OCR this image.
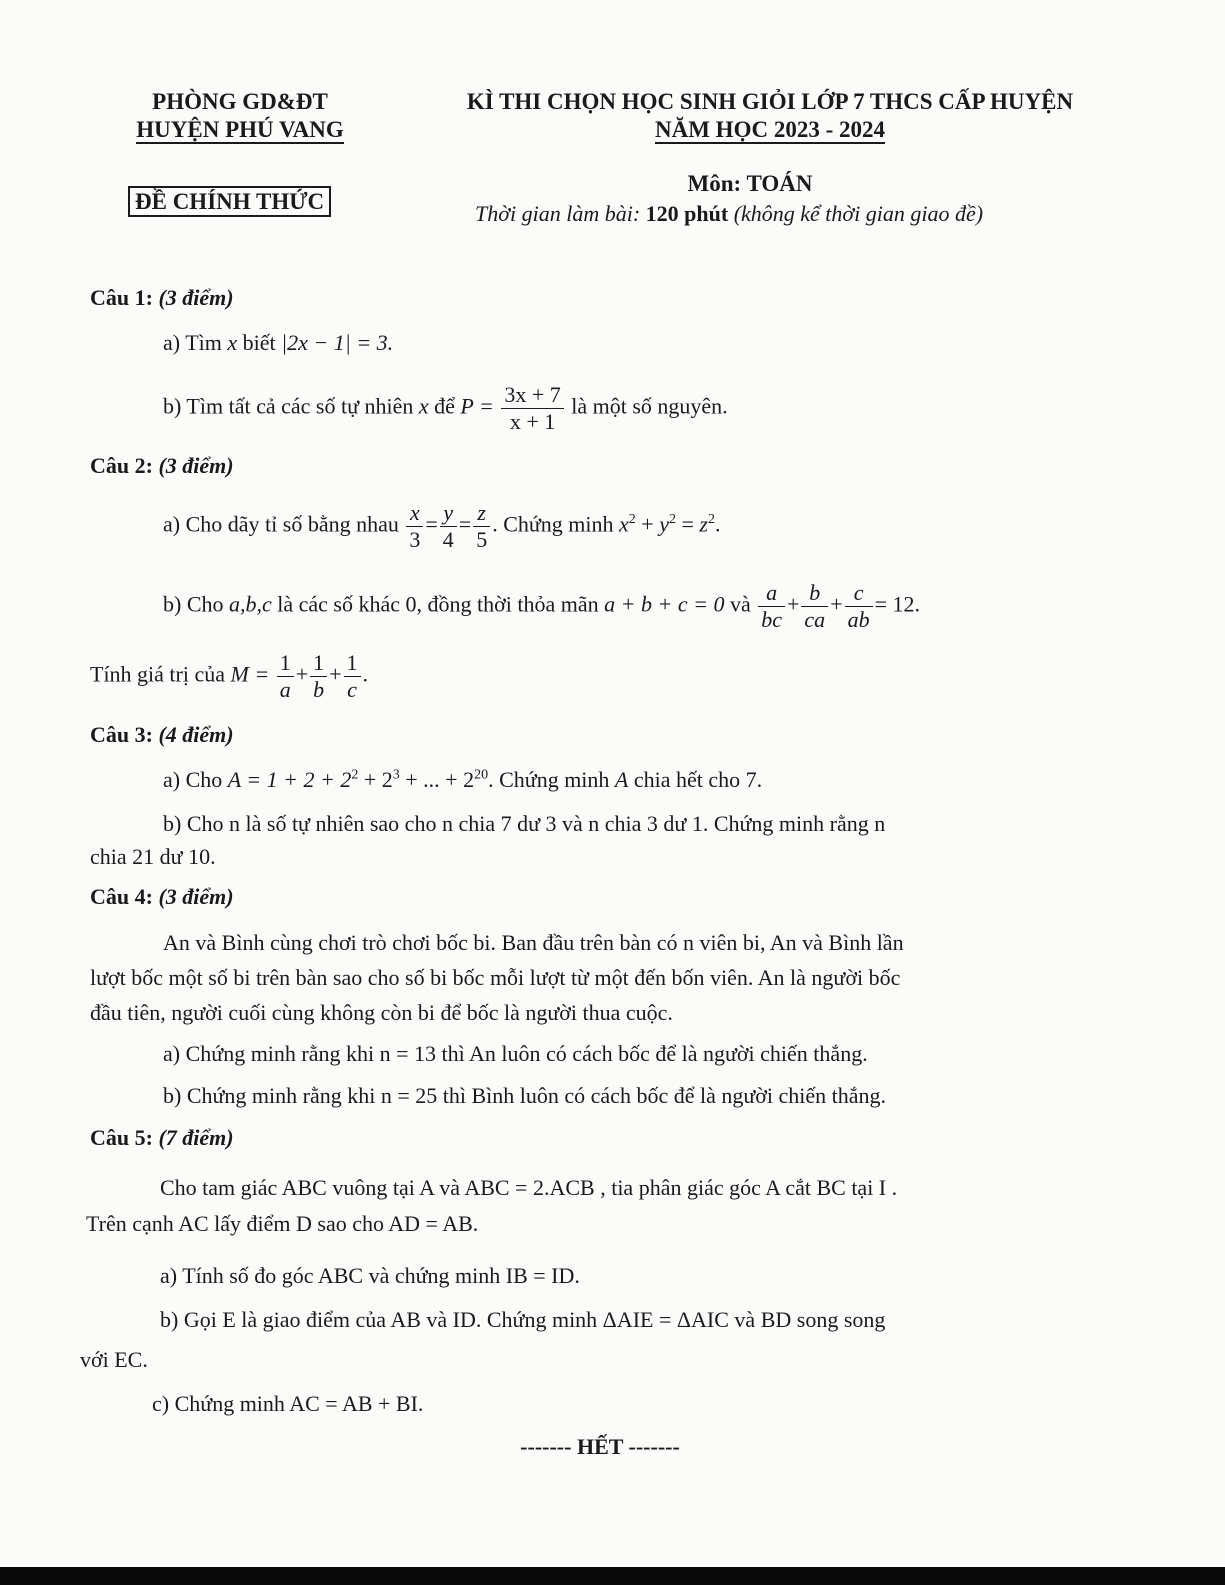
PHÒNG GD&ĐT
HUYỆN PHÚ VANG
KÌ THI CHỌN HỌC SINH GIỎI LỚP 7 THCS CẤP HUYỆN
NĂM HỌC 2023 - 2024
ĐỀ CHÍNH THỨC
Môn: TOÁN
Thời gian làm bài: 120 phút (không kể thời gian giao đề)
Câu 1: (3 điểm)
a) Tìm x biết |2x − 1| = 3.
b) Tìm tất cả các số tự nhiên x để $P = \frac{3x + 7}{x + 1}$ là một số nguyên.
Câu 2: (3 điểm)
a) Cho dãy tỉ số bằng nhau $\frac{x}{3} = \frac{y}{4} = \frac{z}{5}$ . Chứng minh $x^2 + y^2 = z^2$.
b) Cho a,b,c là các số khác 0, đồng thời thỏa mãn a + b + c = 0 và $\frac{a}{bc} + \frac{b}{ca} + \frac{c}{ab} = 12$.
Tính giá trị của $M = \frac{1}{a} + \frac{1}{b} + \frac{1}{c}$ .
Câu 3: (4 điểm)
a) Cho $A = 1 + 2 + 2^2 + 2^3$ + ... + $2^{20}$. Chứng minh A chia hết cho 7.
b) Cho n là số tự nhiên sao cho n chia 7 dư 3 và n chia 3 dư 1. Chứng minh rằng n
chia 21 dư 10.
Câu 4: (3 điểm)
An và Bình cùng chơi trò chơi bốc bi. Ban đầu trên bàn có n viên bi, An và Bình lần
lượt bốc một số bi trên bàn sao cho số bi bốc mỗi lượt từ một đến bốn viên. An là người bốc
đầu tiên, người cuối cùng không còn bi để bốc là người thua cuộc.
a) Chứng minh rằng khi n = 13 thì An luôn có cách bốc để là người chiến thắng.
b) Chứng minh rằng khi n = 25 thì Bình luôn có cách bốc để là người chiến thắng.
Câu 5: (7 điểm)
Cho tam giác ABC vuông tại A và ABC = 2.ACB , tia phân giác góc A cắt BC tại I .
Trên cạnh AC lấy điểm D sao cho AD = AB.
a) Tính số đo góc ABC và chứng minh IB = ID.
b) Gọi E là giao điểm của AB và ID. Chứng minh ΔAIE = ΔAIC và BD song song
với EC.
c) Chứng minh AC = AB + BI.
------- HẾT -------
